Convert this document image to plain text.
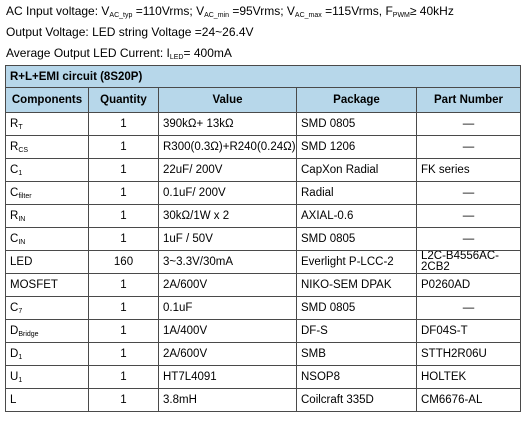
AC Input voltage: $V_{AC\_typ}$ =110Vrms; $V_{AC\_min}$ =95Vrms; $V_{AC\_max}$ =115Vrms, $F_{PWM}\ge 40kHz$
Output Voltage: LED string Voltage =24~26.4V
Average Output LED Current: $I_{LED}= 400mA$
R+L+EMI circuit (8S20P)				
Components	Quantity	Value	Package	Part Number
$R_T$	1	390kΩ+ 13kΩ	SMD 0805	—
$R_{CS}$	1	R300(0.3Ω)+R240(0.24Ω)	SMD 1206	—
$C_1$	1	22uF/ 200V	CapXon Radial	FK series
$C_{filter}$	1	0.1uF/ 200V	Radial	—
$R_{IN}$	1	30kΩ/1W x 2	AXIAL-0.6	—
$C_{IN}$	1	1uF / 50V	SMD 0805	—
LED	160	3~3.3V/30mA	Everlight P-LCC-2	L2C-B4556AC-2CB2
MOSFET	1	2A/600V	NIKO-SEM DPAK	P0260AD
$C_7$	1	0.1uF	SMD 0805	—
$D_{Bridge}$	1	1A/400V	DF-S	DF04S-T
$D_1$	1	2A/600V	SMB	STTH2R06U
$U_1$	1	HT7L4091	NSOP8	HOLTEK
L	1	3.8mH	Coilcraft 335D	CM6676-AL
